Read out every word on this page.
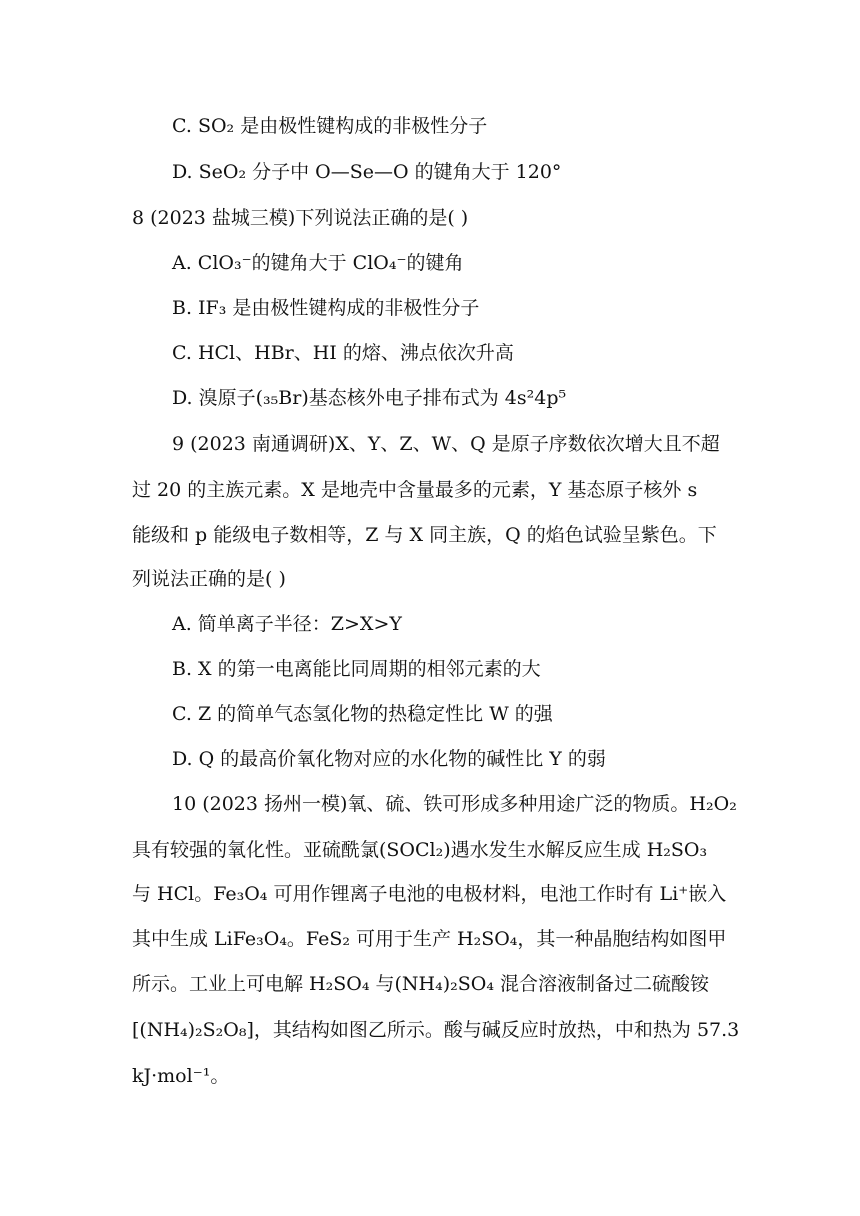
C. SO₂ 是由极性键构成的非极性分子
D. SeO₂ 分子中 O—Se—O 的键角大于 120°
8 (2023 盐城三模)下列说法正确的是( )
A. ClO₃⁻的键角大于 ClO₄⁻的键角
B. IF₃ 是由极性键构成的非极性分子
C. HCl、HBr、HI 的熔、沸点依次升高
D. 溴原子(₃₅Br)基态核外电子排布式为 4s²4p⁵
9 (2023 南通调研)X、Y、Z、W、Q 是原子序数依次增大且不超
过 20 的主族元素。X 是地壳中含量最多的元素，Y 基态原子核外 s
能级和 p 能级电子数相等，Z 与 X 同主族，Q 的焰色试验呈紫色。下
列说法正确的是( )
A. 简单离子半径：Z>X>Y
B. X 的第一电离能比同周期的相邻元素的大
C. Z 的简单气态氢化物的热稳定性比 W 的强
D. Q 的最高价氧化物对应的水化物的碱性比 Y 的弱
10 (2023 扬州一模)氧、硫、铁可形成多种用途广泛的物质。H₂O₂
具有较强的氧化性。亚硫酰氯(SOCl₂)遇水发生水解反应生成 H₂SO₃
与 HCl。Fe₃O₄ 可用作锂离子电池的电极材料，电池工作时有 Li⁺嵌入
其中生成 LiFe₃O₄。FeS₂ 可用于生产 H₂SO₄，其一种晶胞结构如图甲
所示。工业上可电解 H₂SO₄ 与(NH₄)₂SO₄ 混合溶液制备过二硫酸铵
[(NH₄)₂S₂O₈]，其结构如图乙所示。酸与碱反应时放热，中和热为 57.3
kJ·mol⁻¹。
